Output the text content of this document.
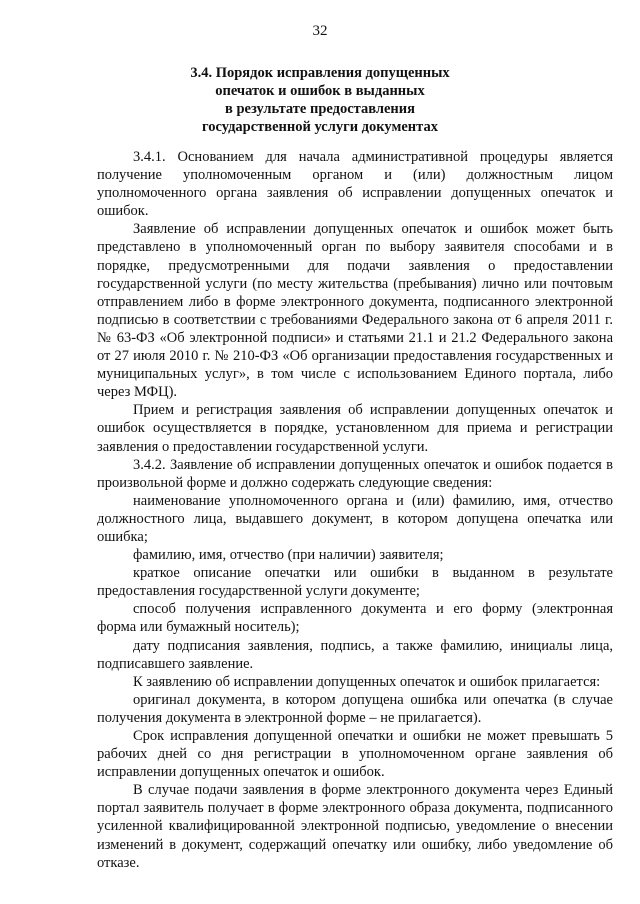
32
3.4. Порядок исправления допущенных
опечаток и ошибок в выданных
в результате предоставления
государственной услуги документах

3.4.1. Основанием для начала административной процедуры является получение уполномоченным органом и (или) должностным лицом уполномоченного органа заявления об исправлении допущенных опечаток и ошибок.

Заявление об исправлении допущенных опечаток и ошибок может быть представлено в уполномоченный орган по выбору заявителя способами и в порядке, предусмотренными для подачи заявления о предоставлении государственной услуги (по месту жительства (пребывания) лично или почтовым отправлением либо в форме электронного документа, подписанного электронной подписью в соответствии с требованиями Федерального закона от 6 апреля 2011 г. № 63-ФЗ «Об электронной подписи» и статьями 21.1 и 21.2 Федерального закона от 27 июля 2010 г. № 210-ФЗ «Об организации предоставления государственных и муниципальных услуг», в том числе с использованием Единого портала, либо через МФЦ).

Прием и регистрация заявления об исправлении допущенных опечаток и ошибок осуществляется в порядке, установленном для приема и регистрации заявления о предоставлении государственной услуги.

3.4.2. Заявление об исправлении допущенных опечаток и ошибок подается в произвольной форме и должно содержать следующие сведения:

наименование уполномоченного органа и (или) фамилию, имя, отчество должностного лица, выдавшего документ, в котором допущена опечатка или ошибка;

фамилию, имя, отчество (при наличии) заявителя;

краткое описание опечатки или ошибки в выданном в результате предоставления государственной услуги документе;

способ получения исправленного документа и его форму (электронная форма или бумажный носитель);

дату подписания заявления, подпись, а также фамилию, инициалы лица, подписавшего заявление.

К заявлению об исправлении допущенных опечаток и ошибок прилагается:

оригинал документа, в котором допущена ошибка или опечатка (в случае получения документа в электронной форме – не прилагается).

Срок исправления допущенной опечатки и ошибки не может превышать 5 рабочих дней со дня регистрации в уполномоченном органе заявления об исправлении допущенных опечаток и ошибок.

В случае подачи заявления в форме электронного документа через Единый портал заявитель получает в форме электронного образа документа, подписанного усиленной квалифицированной электронной подписью, уведомление о внесении изменений в документ, содержащий опечатку или ошибку, либо уведомление об отказе.
